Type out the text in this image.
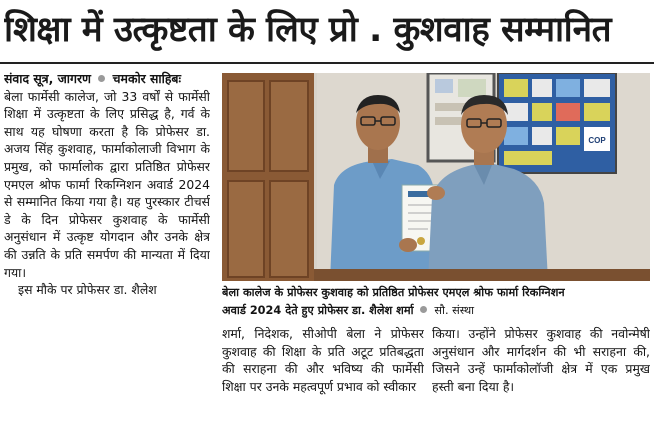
शिक्षा में उत्कृष्टता के लिए प्रो . कुशवाह सम्मानित
संवाद सूत्र, जागरण चमकोर साहिबः

बेला फार्मेसी कालेज, जो 33 वर्षों से फार्मेसी शिक्षा में उत्कृष्टता के लिए प्रसिद्ध है, गर्व के साथ यह घोषणा करता है कि प्रोफेसर डा. अजय सिंह कुशवाह, फार्माकोलाजी विभाग के प्रमुख, को फार्मालोक द्वारा प्रतिष्ठित प्रोफेसर एमएल श्रोफ फार्मा रिकग्निशन अवार्ड 2024 से सम्मानित किया गया है। यह पुरस्कार टीचर्स डे के दिन प्रोफेसर कुशवाह के फार्मेसी अनुसंधान में उत्कृष्ट योगदान और उनके क्षेत्र की उन्नति के प्रति समर्पण की मान्यता में दिया गया।

इस मौके पर प्रोफेसर डा. शैलेश

COP

बेला कालेज के प्रोफेसर कुशवाह को प्रतिष्ठित प्रोफेसर एमएल श्रोफ फार्मा रिकग्निशन

अवार्ड 2024 देते हुए प्रोफेसर डा. शैलेश शर्मा सौ. संस्था

शर्मा, निदेशक, सीओपी बेला ने प्रोफेसर कुशवाह की शिक्षा के प्रति अटूट प्रतिबद्धता की सराहना की और भविष्य की फार्मेसी शिक्षा पर उनके महत्वपूर्ण प्रभाव को स्वीकार

किया। उन्होंने प्रोफेसर कुशवाह की नवोन्मेषी अनुसंधान और मार्गदर्शन की भी सराहना की, जिसने उन्हें फार्माकोलॉजी क्षेत्र में एक प्रमुख हस्ती बना दिया है।
